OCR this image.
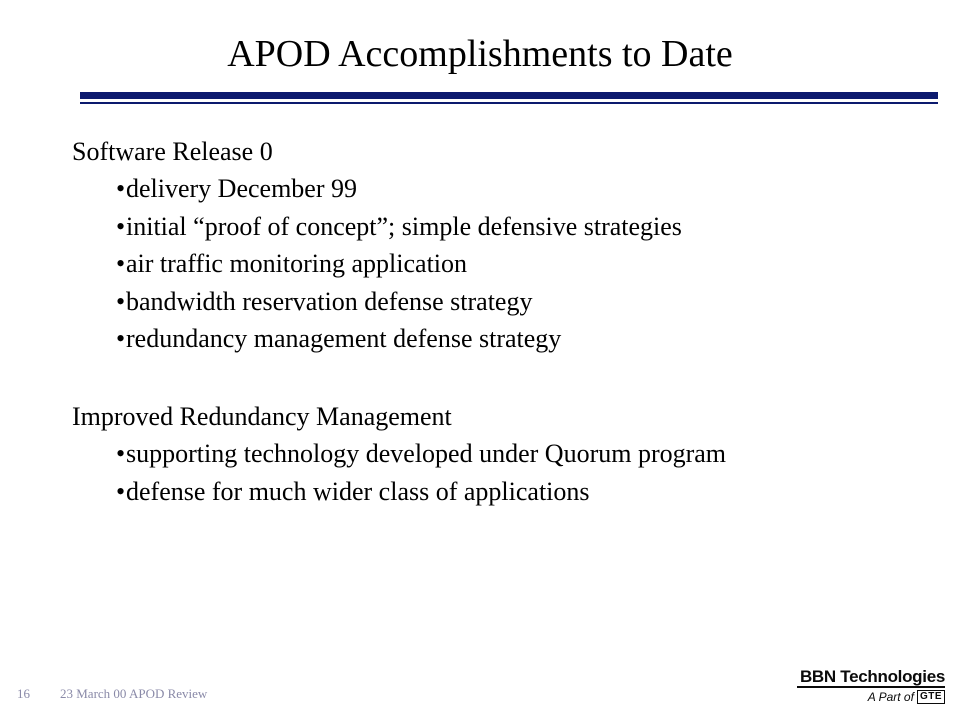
APOD Accomplishments to Date
Software Release 0
•delivery December 99
•initial “proof of concept”; simple defensive strategies
•air traffic monitoring application
•bandwidth reservation defense strategy
•redundancy management defense strategy
Improved Redundancy Management
•supporting technology developed under Quorum program
•defense for much wider class of applications
16 23 March 00 APOD Review
BBN Technologies
A Part of GTE
